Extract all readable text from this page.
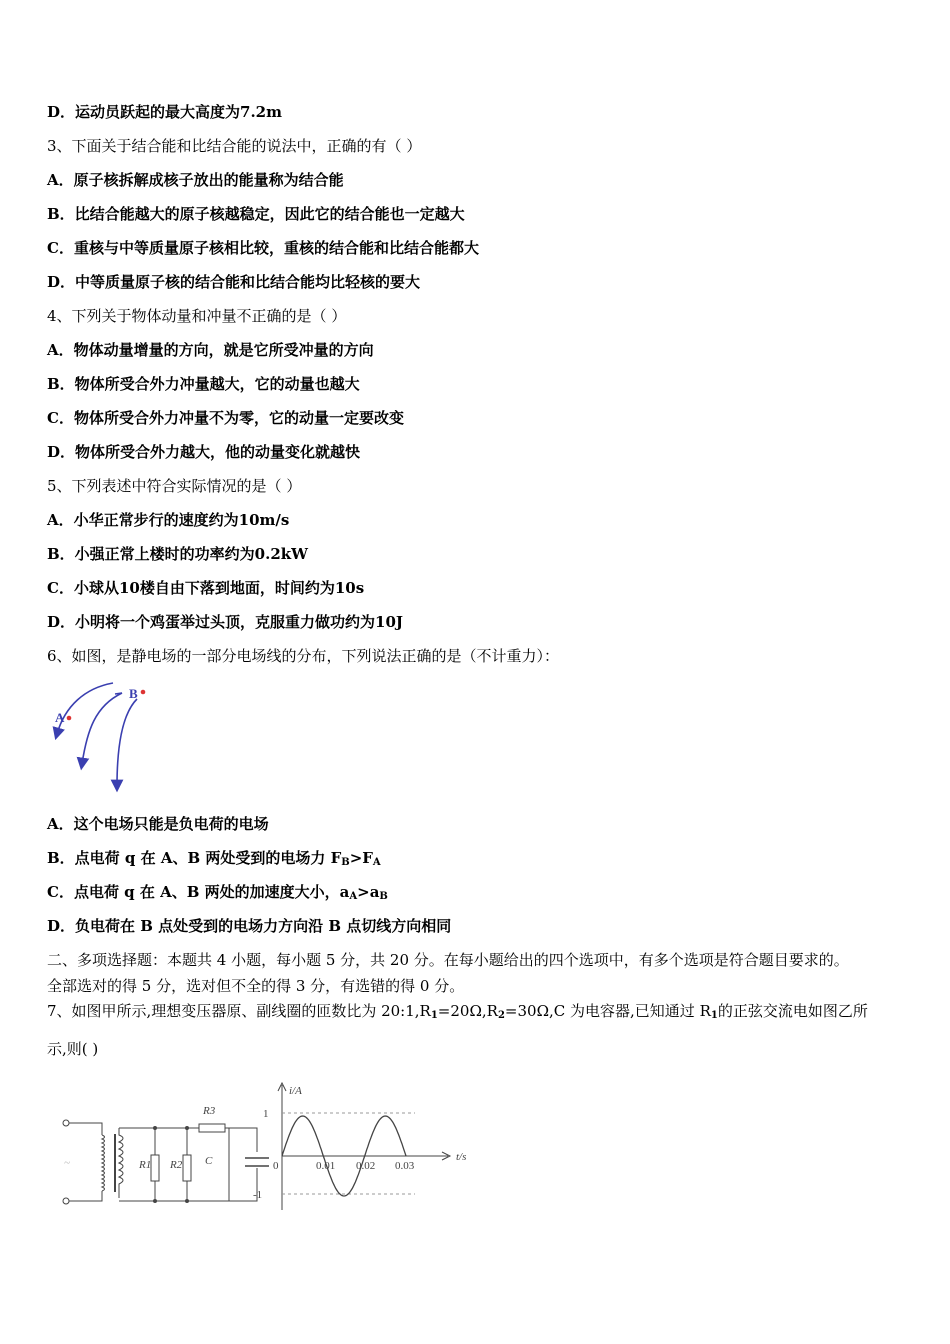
D．运动员跃起的最大高度为7.2m
3、下面关于结合能和比结合能的说法中，正确的有（ ）
A．原子核拆解成核子放出的能量称为结合能
B．比结合能越大的原子核越稳定，因此它的结合能也一定越大
C．重核与中等质量原子核相比较，重核的结合能和比结合能都大
D．中等质量原子核的结合能和比结合能均比轻核的要大
4、下列关于物体动量和冲量不正确的是（ ）
A．物体动量增量的方向，就是它所受冲量的方向
B．物体所受合外力冲量越大，它的动量也越大
C．物体所受合外力冲量不为零，它的动量一定要改变
D．物体所受合外力越大，他的动量变化就越快
5、下列表述中符合实际情况的是（ ）
A．小华正常步行的速度约为10m/s
B．小强正常上楼时的功率约为0.2kW
C．小球从10楼自由下落到地面，时间约为10s
D．小明将一个鸡蛋举过头顶，克服重力做功约为10J
6、如图，是静电场的一部分电场线的分布，下列说法正确的是（不计重力）：
A
B
A．这个电场只能是负电荷的电场
B．点电荷 q 在 A、B 两处受到的电场力 FB>FA
C．点电荷 q 在 A、B 两处的加速度大小，aA>aB
D．负电荷在 B 点处受到的电场力方向沿 B 点切线方向相同
二、多项选择题：本题共 4 小题，每小题 5 分，共 20 分。在每小题给出的四个选项中，有多个选项是符合题目要求的。
全部选对的得 5 分，选对但不全的得 3 分，有选错的得 0 分。
7、如图甲所示,理想变压器原、副线圈的匝数比为 20:1,R1=20Ω,R2=30Ω,C 为电容器,已知通过 R1的正弦交流电如图乙所
示,则( )
R1 R2
R3
C
~
i/A
t/s
1
-1
0	0.01 0.02 0.03
